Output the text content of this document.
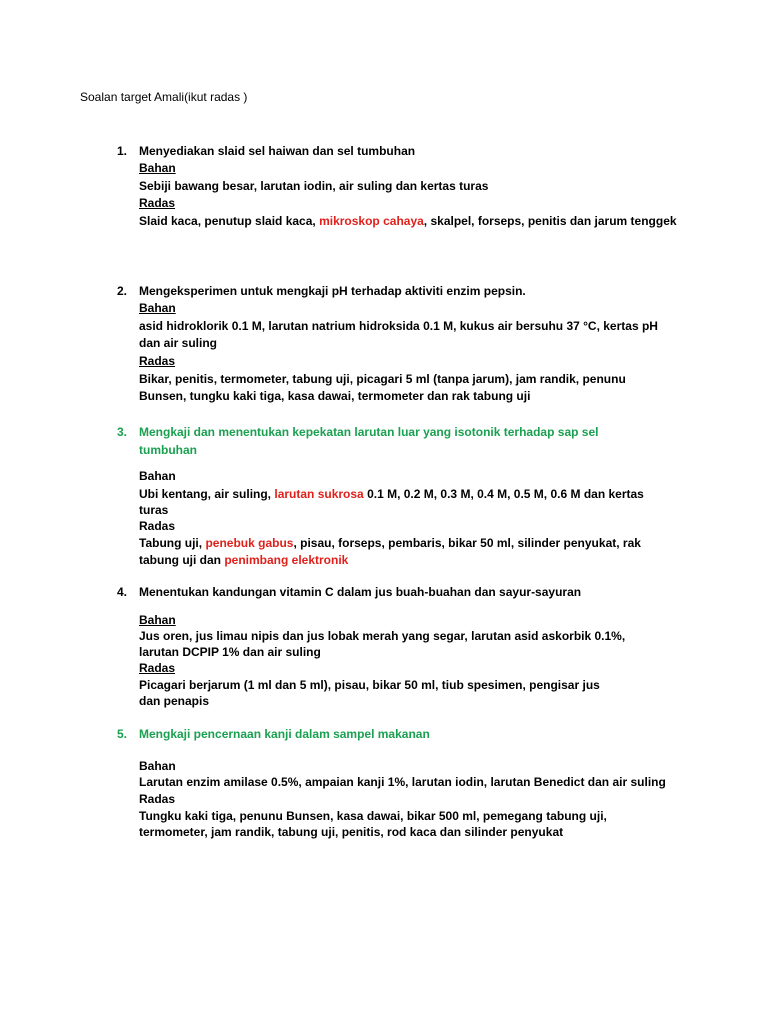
Soalan target Amali(ikut radas )
1. Menyediakan slaid sel haiwan dan sel tumbuhan
Bahan
Sebiji bawang besar, larutan iodin, air suling dan kertas turas
Radas
Slaid kaca, penutup slaid kaca, mikroskop cahaya, skalpel, forseps, penitis dan jarum tenggek
2. Mengeksperimen untuk mengkaji pH terhadap aktiviti enzim pepsin.
Bahan
asid hidroklorik 0.1 M, larutan natrium hidroksida 0.1 M, kukus air bersuhu 37 °C, kertas pH
dan air suling
Radas
Bikar, penitis, termometer, tabung uji, picagari 5 ml (tanpa jarum), jam randik, penunu
Bunsen, tungku kaki tiga, kasa dawai, termometer dan rak tabung uji
3. Mengkaji dan menentukan kepekatan larutan luar yang isotonik terhadap sap sel
tumbuhan
Bahan
Ubi kentang, air suling, larutan sukrosa 0.1 M, 0.2 M, 0.3 M, 0.4 M, 0.5 M, 0.6 M dan kertas
turas
Radas
Tabung uji, penebuk gabus, pisau, forseps, pembaris, bikar 50 ml, silinder penyukat, rak
tabung uji dan penimbang elektronik
4. Menentukan kandungan vitamin C dalam jus buah-buahan dan sayur-sayuran
Bahan
Jus oren, jus limau nipis dan jus lobak merah yang segar, larutan asid askorbik 0.1%,
larutan DCPIP 1% dan air suling
Radas
Picagari berjarum (1 ml dan 5 ml), pisau, bikar 50 ml, tiub spesimen, pengisar jus
dan penapis
5. Mengkaji pencernaan kanji dalam sampel makanan
Bahan
Larutan enzim amilase 0.5%, ampaian kanji 1%, larutan iodin, larutan Benedict dan air suling
Radas
Tungku kaki tiga, penunu Bunsen, kasa dawai, bikar 500 ml, pemegang tabung uji,
termometer, jam randik, tabung uji, penitis, rod kaca dan silinder penyukat
